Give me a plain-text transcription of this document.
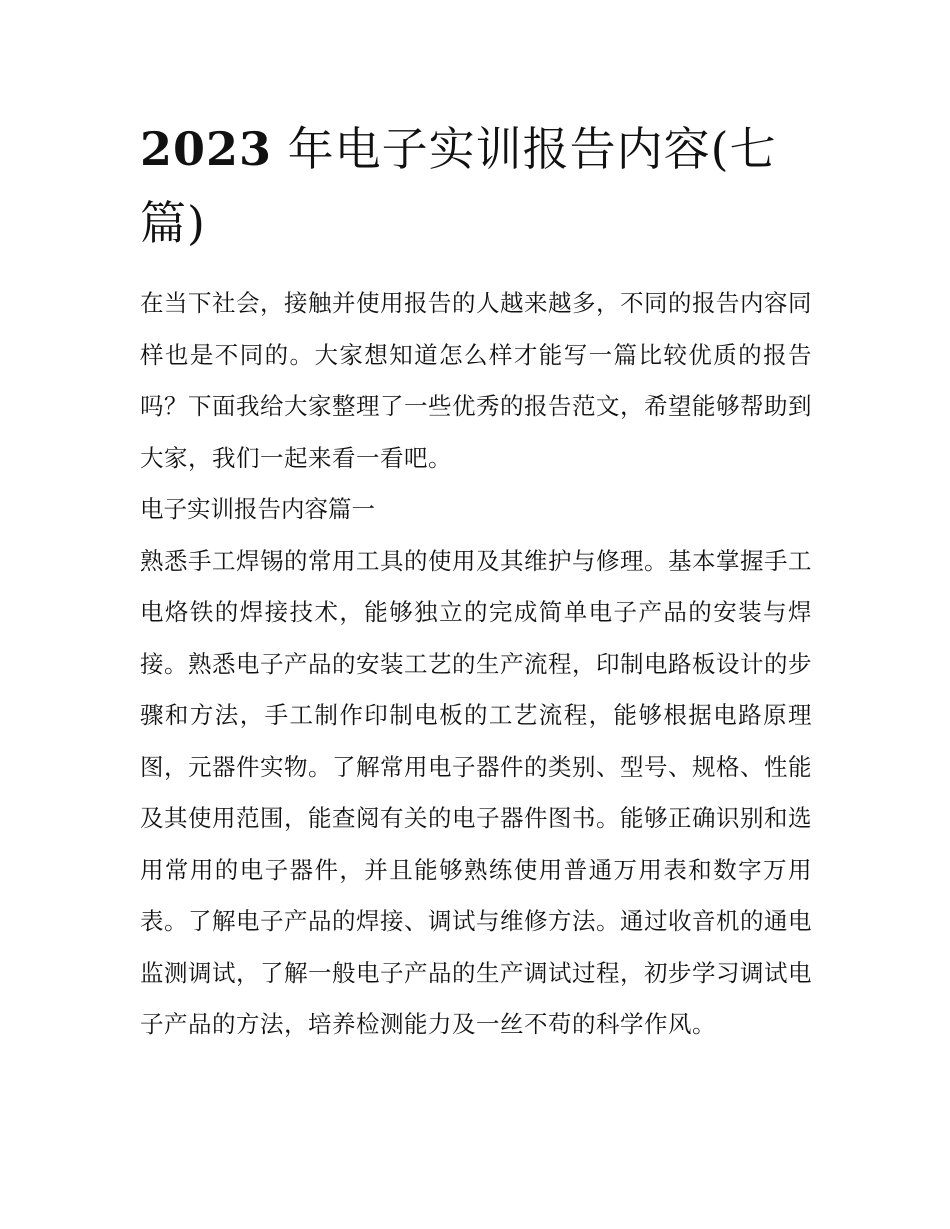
2023 年电子实训报告内容(七篇)

在当下社会，接触并使用报告的人越来越多，不同的报告内容同样也是不同的。大家想知道怎么样才能写一篇比较优质的报告吗？下面我给大家整理了一些优秀的报告范文，希望能够帮助到大家，我们一起来看一看吧。

电子实训报告内容篇一

熟悉手工焊锡的常用工具的使用及其维护与修理。基本掌握手工电烙铁的焊接技术，能够独立的完成简单电子产品的安装与焊接。熟悉电子产品的安装工艺的生产流程，印制电路板设计的步骤和方法，手工制作印制电板的工艺流程，能够根据电路原理图，元器件实物。了解常用电子器件的类别、型号、规格、性能及其使用范围，能查阅有关的电子器件图书。能够正确识别和选用常用的电子器件，并且能够熟练使用普通万用表和数字万用表。了解电子产品的焊接、调试与维修方法。通过收音机的通电监测调试，了解一般电子产品的生产调试过程，初步学习调试电子产品的方法，培养检测能力及一丝不苟的科学作风。
